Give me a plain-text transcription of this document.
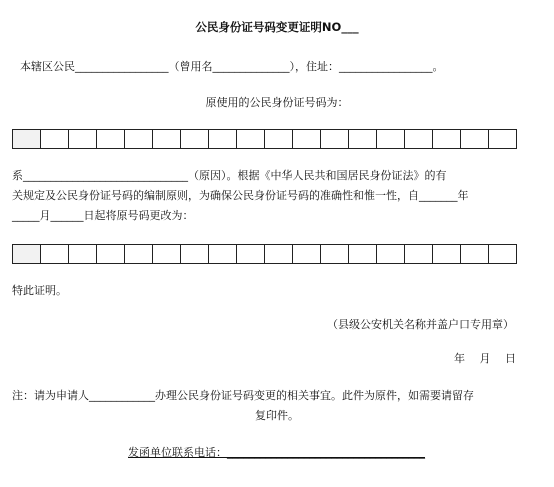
公民身份证号码变更证明NO___
本辖区公民_________________（曾用名______________），住址：_________________。
原使用的公民身份证号码为：
系______________________________（原因）。根据《中华人民共和国居民身份证法》的有
关规定及公民身份证号码的编制原则，为确保公民身份证号码的准确性和惟一性，自_______年
_____月______日起将原号码更改为：
特此证明。
（县级公安机关名称并盖户口专用章）
年　 月　 日
注：请为申请人____________办理公民身份证号码变更的相关事宜。此件为原件，如需要请留存
复印件。
发函单位联系电话：____________________________________
